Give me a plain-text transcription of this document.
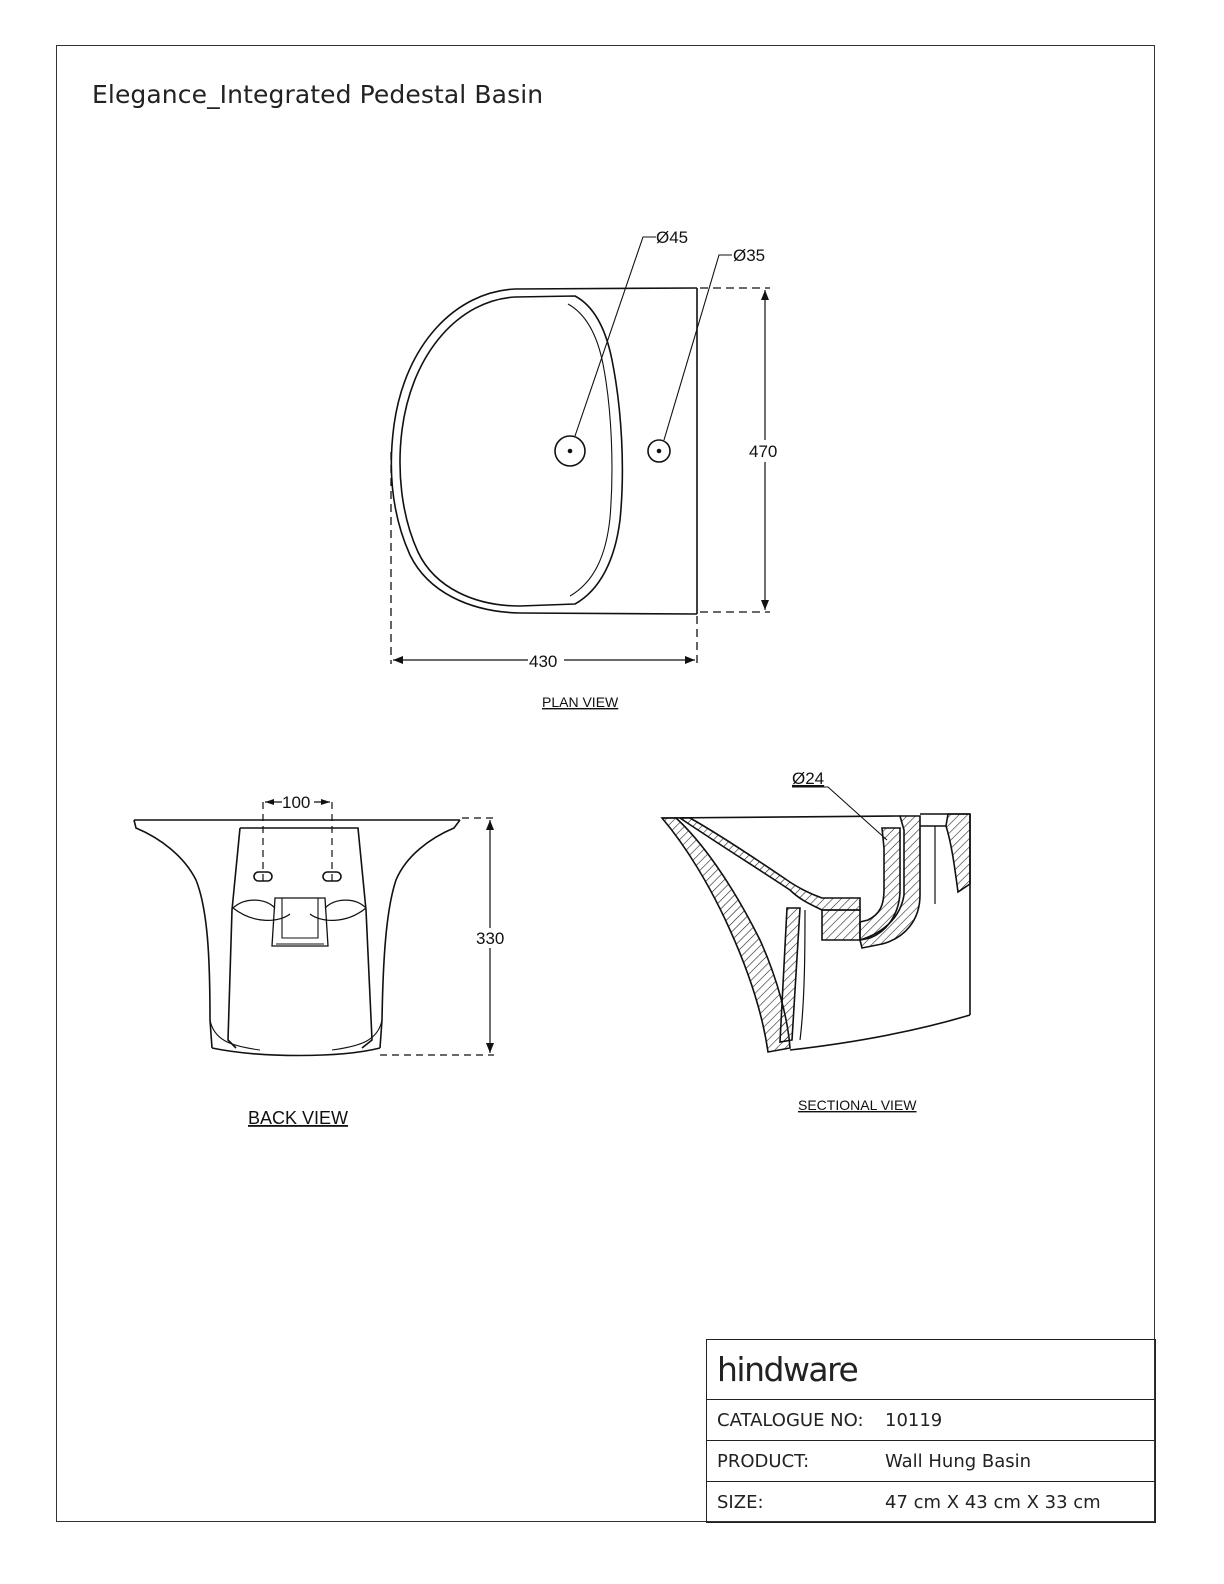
Elegance_Integrated Pedestal Basin
Ø45
Ø35
470
430
PLAN VIEW
100
330
BACK VIEW
Ø24
SECTIONAL VIEW
hindware
CATALOGUE NO:	10119
PRODUCT:	Wall Hung Basin
SIZE:	47 cm X 43 cm X 33 cm
